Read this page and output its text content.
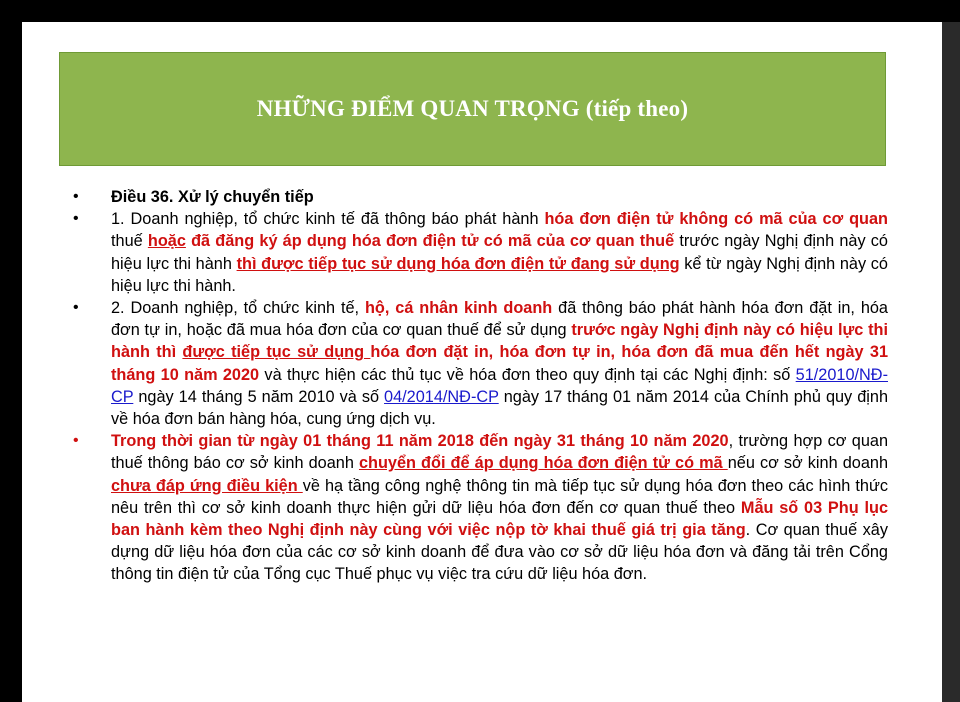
NHỮNG ĐIỂM QUAN TRỌNG (tiếp theo)
• Điều 36. Xử lý chuyển tiếp
• 1. Doanh nghiệp, tổ chức kinh tế đã thông báo phát hành hóa đơn điện tử không có mã của cơ quan thuế hoặc đã đăng ký áp dụng hóa đơn điện tử có mã của cơ quan thuế trước ngày Nghị định này có hiệu lực thi hành thì được tiếp tục sử dụng hóa đơn điện tử đang sử dụng kể từ ngày Nghị định này có hiệu lực thi hành.
• 2. Doanh nghiệp, tổ chức kinh tế, hộ, cá nhân kinh doanh đã thông báo phát hành hóa đơn đặt in, hóa đơn tự in, hoặc đã mua hóa đơn của cơ quan thuế để sử dụng trước ngày Nghị định này có hiệu lực thi hành thì được tiếp tục sử dụng hóa đơn đặt in, hóa đơn tự in, hóa đơn đã mua đến hết ngày 31 tháng 10 năm 2020 và thực hiện các thủ tục về hóa đơn theo quy định tại các Nghị định: số 51/2010/NĐ-CP ngày 14 tháng 5 năm 2010 và số 04/2014/NĐ-CP ngày 17 tháng 01 năm 2014 của Chính phủ quy định về hóa đơn bán hàng hóa, cung ứng dịch vụ.
• Trong thời gian từ ngày 01 tháng 11 năm 2018 đến ngày 31 tháng 10 năm 2020, trường hợp cơ quan thuế thông báo cơ sở kinh doanh chuyển đổi để áp dụng hóa đơn điện tử có mã nếu cơ sở kinh doanh chưa đáp ứng điều kiện về hạ tầng công nghệ thông tin mà tiếp tục sử dụng hóa đơn theo các hình thức nêu trên thì cơ sở kinh doanh thực hiện gửi dữ liệu hóa đơn đến cơ quan thuế theo Mẫu số 03 Phụ lục ban hành kèm theo Nghị định này cùng với việc nộp tờ khai thuế giá trị gia tăng. Cơ quan thuế xây dựng dữ liệu hóa đơn của các cơ sở kinh doanh để đưa vào cơ sở dữ liệu hóa đơn và đăng tải trên Cổng thông tin điện tử của Tổng cục Thuế phục vụ việc tra cứu dữ liệu hóa đơn.
